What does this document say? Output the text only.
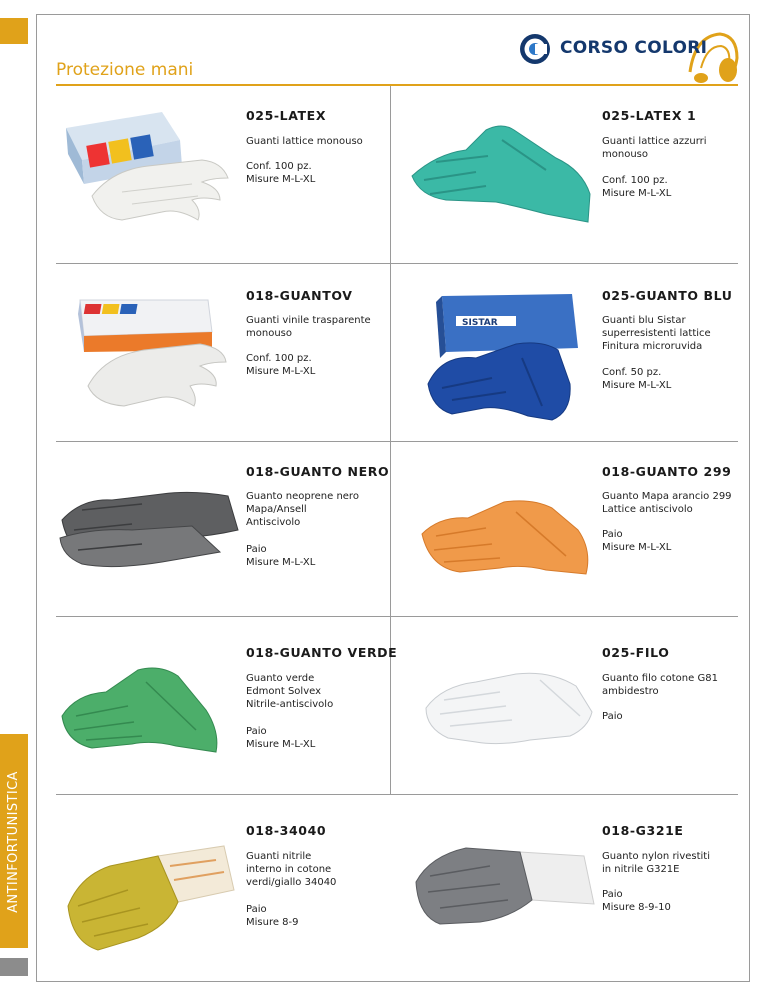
ANTINFORTUNISTICA
Protezione mani
CORSO COLORI
025-LATEX
Guanti lattice monouso
Conf. 100 pz.
Misure M-L-XL
025-LATEX 1
Guanti lattice azzurri
monouso
Conf. 100 pz.
Misure M-L-XL
018-GUANTOV
Guanti vinile trasparente
monouso
Conf. 100 pz.
Misure M-L-XL
SISTAR
025-GUANTO BLU
Guanti blu Sistar
superresistenti lattice
Finitura microruvida
Conf. 50 pz.
Misure M-L-XL
018-GUANTO NERO
Guanto neoprene nero
Mapa/Ansell
Antiscivolo
Paio
Misure M-L-XL
018-GUANTO 299
Guanto Mapa arancio 299
Lattice antiscivolo
Paio
Misure M-L-XL
018-GUANTO VERDE
Guanto verde
Edmont Solvex
Nitrile-antiscivolo
Paio
Misure M-L-XL
025-FILO
Guanto filo cotone G81
ambidestro
Paio
018-34040
Guanti nitrile
interno in cotone
verdi/giallo 34040
Paio
Misure 8-9
018-G321E
Guanto nylon rivestiti
in nitrile G321E
Paio
Misure 8-9-10
